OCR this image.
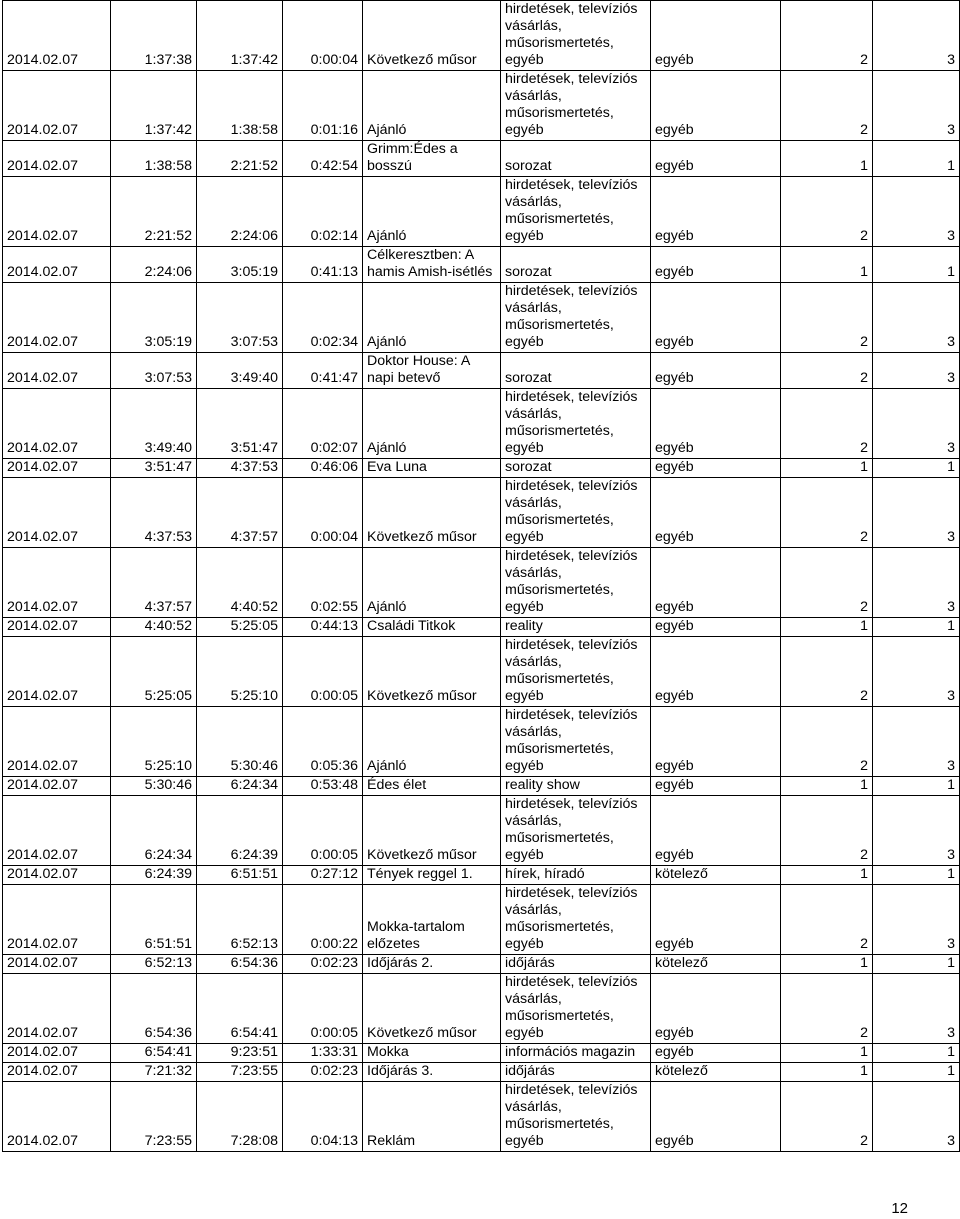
2014.02.07	1:37:38	1:37:42	0:00:04	Következő műsor	hirdetések, televíziós vásárlás, műsorismertetés, egyéb	egyéb	2	3
2014.02.07	1:37:42	1:38:58	0:01:16	Ajánló	hirdetések, televíziós vásárlás, műsorismertetés, egyéb	egyéb	2	3
2014.02.07	1:38:58	2:21:52	0:42:54	Grimm:Édes a bosszú	sorozat	egyéb	1	1
2014.02.07	2:21:52	2:24:06	0:02:14	Ajánló	hirdetések, televíziós vásárlás, műsorismertetés, egyéb	egyéb	2	3
2014.02.07	2:24:06	3:05:19	0:41:13	Célkeresztben: A hamis Amish-isétlés	sorozat	egyéb	1	1
2014.02.07	3:05:19	3:07:53	0:02:34	Ajánló	hirdetések, televíziós vásárlás, műsorismertetés, egyéb	egyéb	2	3
2014.02.07	3:07:53	3:49:40	0:41:47	Doktor House: A napi betevő	sorozat	egyéb	2	3
2014.02.07	3:49:40	3:51:47	0:02:07	Ajánló	hirdetések, televíziós vásárlás, műsorismertetés, egyéb	egyéb	2	3
2014.02.07	3:51:47	4:37:53	0:46:06	Eva Luna	sorozat	egyéb	1	1
2014.02.07	4:37:53	4:37:57	0:00:04	Következő műsor	hirdetések, televíziós vásárlás, műsorismertetés, egyéb	egyéb	2	3
2014.02.07	4:37:57	4:40:52	0:02:55	Ajánló	hirdetések, televíziós vásárlás, műsorismertetés, egyéb	egyéb	2	3
2014.02.07	4:40:52	5:25:05	0:44:13	Családi Titkok	reality	egyéb	1	1
2014.02.07	5:25:05	5:25:10	0:00:05	Következő műsor	hirdetések, televíziós vásárlás, műsorismertetés, egyéb	egyéb	2	3
2014.02.07	5:25:10	5:30:46	0:05:36	Ajánló	hirdetések, televíziós vásárlás, műsorismertetés, egyéb	egyéb	2	3
2014.02.07	5:30:46	6:24:34	0:53:48	Édes élet	reality show	egyéb	1	1
2014.02.07	6:24:34	6:24:39	0:00:05	Következő műsor	hirdetések, televíziós vásárlás, műsorismertetés, egyéb	egyéb	2	3
2014.02.07	6:24:39	6:51:51	0:27:12	Tények reggel 1.	hírek, híradó	kötelező	1	1
2014.02.07	6:51:51	6:52:13	0:00:22	Mokka-tartalom előzetes	hirdetések, televíziós vásárlás, műsorismertetés, egyéb	egyéb	2	3
2014.02.07	6:52:13	6:54:36	0:02:23	Időjárás 2.	időjárás	kötelező	1	1
2014.02.07	6:54:36	6:54:41	0:00:05	Következő műsor	hirdetések, televíziós vásárlás, műsorismertetés, egyéb	egyéb	2	3
2014.02.07	6:54:41	9:23:51	1:33:31	Mokka	információs magazin	egyéb	1	1
2014.02.07	7:21:32	7:23:55	0:02:23	Időjárás 3.	időjárás	kötelező	1	1
2014.02.07	7:23:55	7:28:08	0:04:13	Reklám	hirdetések, televíziós vásárlás, műsorismertetés, egyéb	egyéb	2	3
12
